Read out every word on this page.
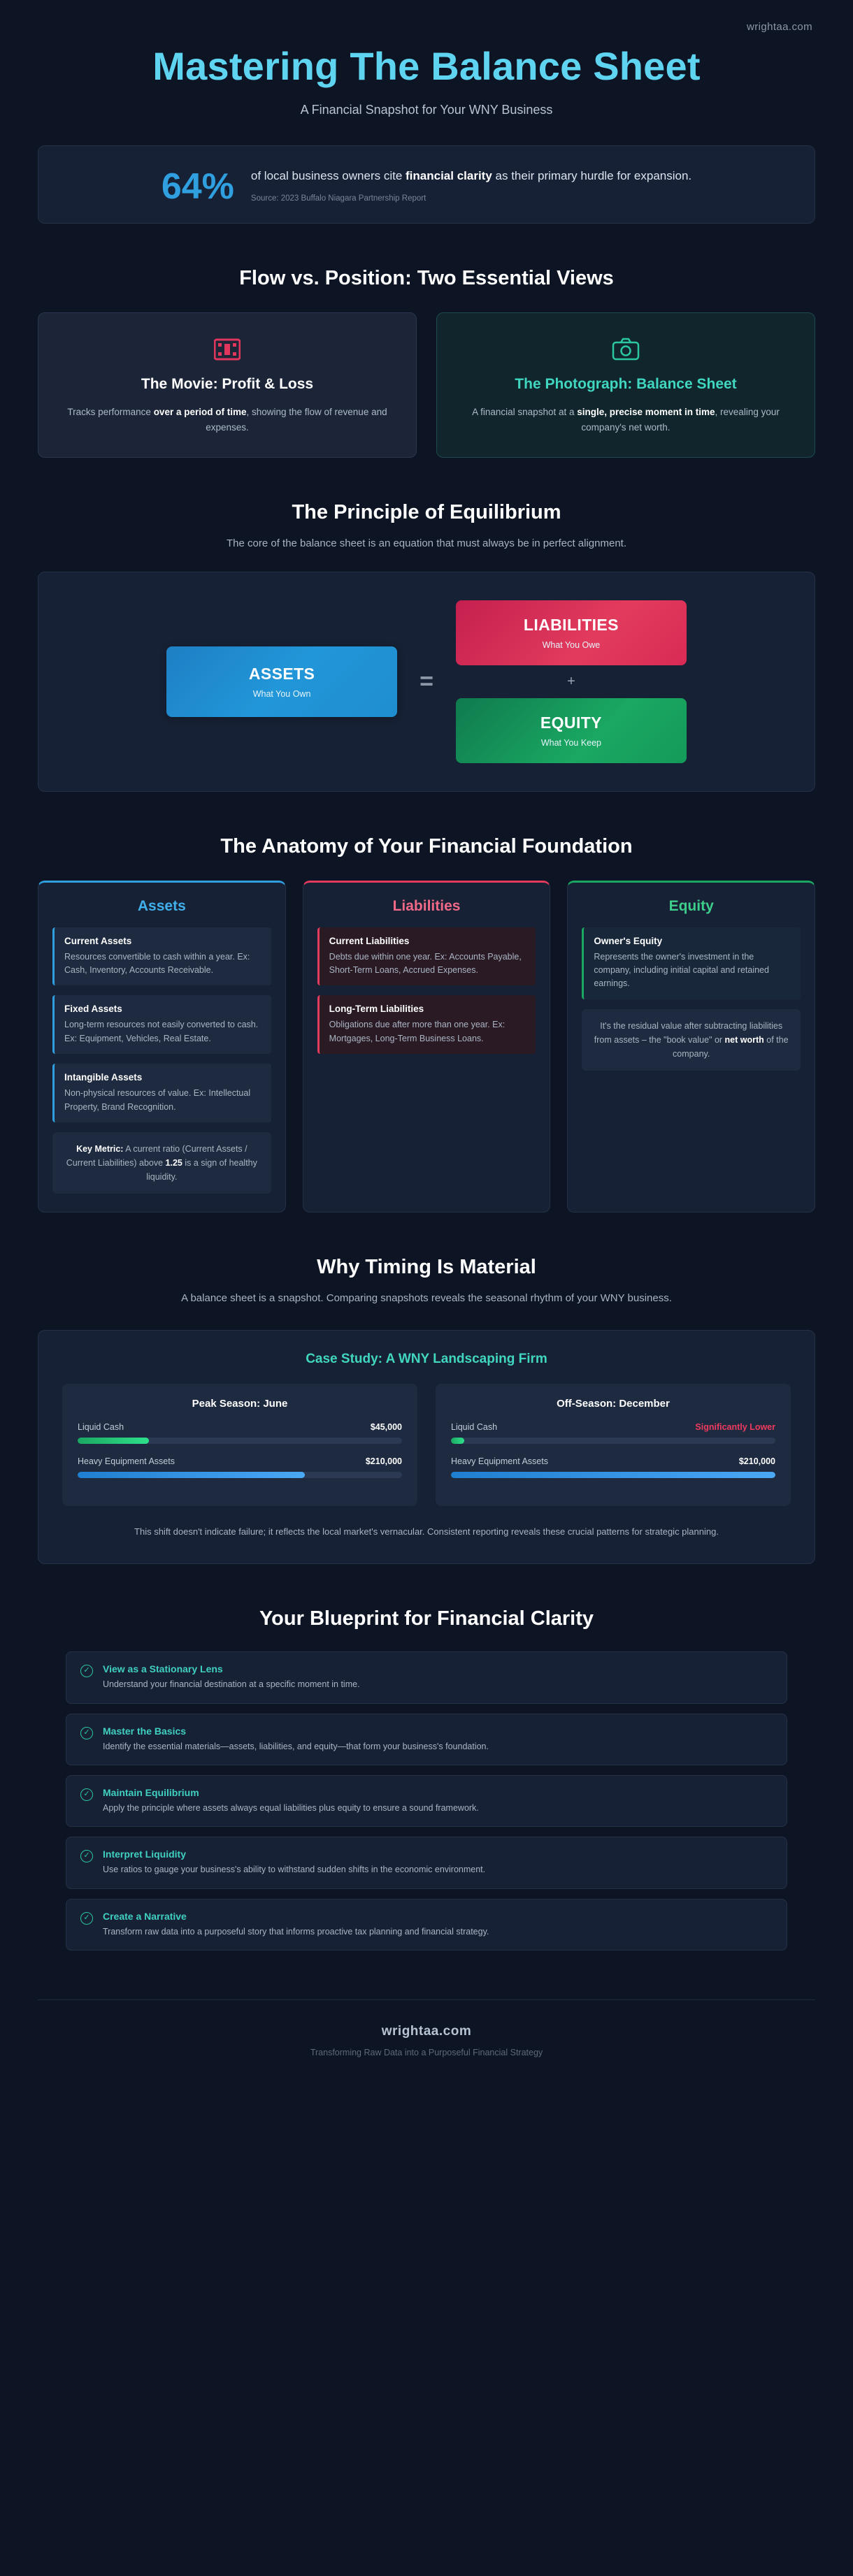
wrightaa.com
Mastering The Balance Sheet
A Financial Snapshot for Your WNY Business
64% of local business owners cite financial clarity as their primary hurdle for expansion.
Source: 2023 Buffalo Niagara Partnership Report
Flow vs. Position: Two Essential Views
The Movie: Profit & Loss
Tracks performance over a period of time, showing the flow of revenue and expenses.
The Photograph: Balance Sheet
A financial snapshot at a single, precise moment in time, revealing your company's net worth.
The Principle of Equilibrium
The core of the balance sheet is an equation that must always be in perfect alignment.
ASSETS
What You Own	=
LIABILITIES
What You Owe
+
EQUITY
What You Keep
The Anatomy of Your Financial Foundation
Assets
Current Assets
Resources convertible to cash within a year. Ex: Cash, Inventory, Accounts Receivable.
Fixed Assets
Long-term resources not easily converted to cash. Ex: Equipment, Vehicles, Real Estate.
Intangible Assets
Non-physical resources of value. Ex: Intellectual Property, Brand Recognition.
Key Metric: A current ratio (Current Assets / Current Liabilities) above 1.25 is a sign of healthy liquidity.
Liabilities
Current Liabilities
Debts due within one year. Ex: Accounts Payable, Short-Term Loans, Accrued Expenses.
Long-Term Liabilities
Obligations due after more than one year. Ex: Mortgages, Long-Term Business Loans.
Equity
Owner's Equity
Represents the owner's investment in the company, including initial capital and retained earnings.
It's the residual value after subtracting liabilities from assets – the "book value" or net worth of the company.
Why Timing Is Material
A balance sheet is a snapshot. Comparing snapshots reveals the seasonal rhythm of your WNY business.
Case Study: A WNY Landscaping Firm
Peak Season: June
Liquid Cash	$45,000
Heavy Equipment Assets	$210,000
Off-Season: December
Liquid Cash	Significantly Lower
Heavy Equipment Assets	$210,000
This shift doesn't indicate failure; it reflects the local market's vernacular. Consistent reporting reveals these crucial patterns for strategic planning.
Your Blueprint for Financial Clarity
✓	View as a Stationary Lens
Understand your financial destination at a specific moment in time.
✓	Master the Basics
Identify the essential materials—assets, liabilities, and equity—that form your business's foundation.
✓	Maintain Equilibrium
Apply the principle where assets always equal liabilities plus equity to ensure a sound framework.
✓	Interpret Liquidity
Use ratios to gauge your business's ability to withstand sudden shifts in the economic environment.
✓	Create a Narrative
Transform raw data into a purposeful story that informs proactive tax planning and financial strategy.
wrightaa.com
Transforming Raw Data into a Purposeful Financial Strategy
